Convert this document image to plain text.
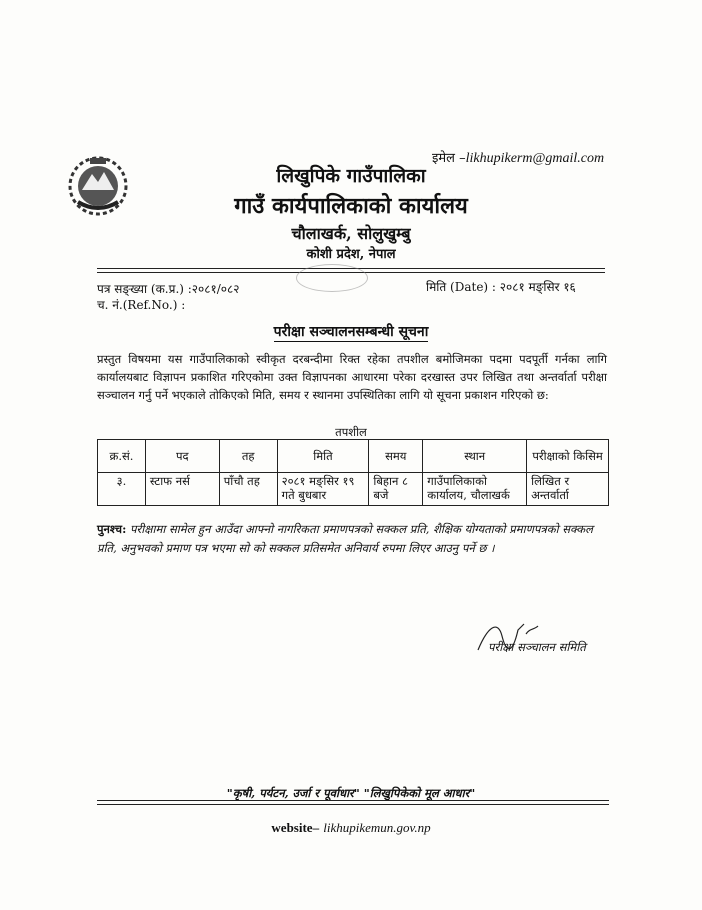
इमेल –likhupikerm@gmail.com
लिखुपिके गाउँपालिका
गाउँ कार्यपालिकाको कार्यालय
चौलाखर्क, सोलुखुम्बु
कोशी प्रदेश, नेपाल
पत्र सङ्ख्या (क.प्र.) :२०८१/०८२
च. नं.(Ref.No.) :
मिति (Date) : २०८१ मङ्सिर १६
परीक्षा सञ्चालनसम्बन्धी सूचना
प्रस्तुत विषयमा यस गाउँपालिकाको स्वीकृत दरबन्दीमा रिक्त रहेका तपशील बमोजिमका पदमा पदपूर्ती गर्नका लागि कार्यालयबाट विज्ञापन प्रकाशित गरिएकोमा उक्त विज्ञापनका आधारमा परेका दरखास्त उपर लिखित तथा अन्तर्वार्ता परीक्षा सञ्चालन गर्नु पर्ने भएकाले तोकिएको मिति, समय र स्थानमा उपस्थितिका लागि यो सूचना प्रकाशन गरिएको छ:
तपशील
क्र.सं.	पद	तह	मिति	समय	स्थान	परीक्षाको किसिम
३.	स्टाफ नर्स	पाँचौ तह	२०८१ मङ्सिर १९ गते बुधबार	बिहान ८ बजे	गाउँपालिकाको कार्यालय, चौलाखर्क	लिखित र अन्तर्वार्ता
पुनश्च: परीक्षामा सामेल हुन आउँदा आफ्नो नागरिकता प्रमाणपत्रको सक्कल प्रति, शैक्षिक योग्यताको प्रमाणपत्रको सक्कल प्रति, अनुभवको प्रमाण पत्र भएमा सो को सक्कल प्रतिसमेत अनिवार्य रुपमा लिएर आउनु पर्ने छ ।
परीक्षा सञ्चालन समिति
"कृषी, पर्यटन, उर्जा र पूर्वाधार" "लिखुपिकेको मूल आधार"
website– likhupikemun.gov.np
